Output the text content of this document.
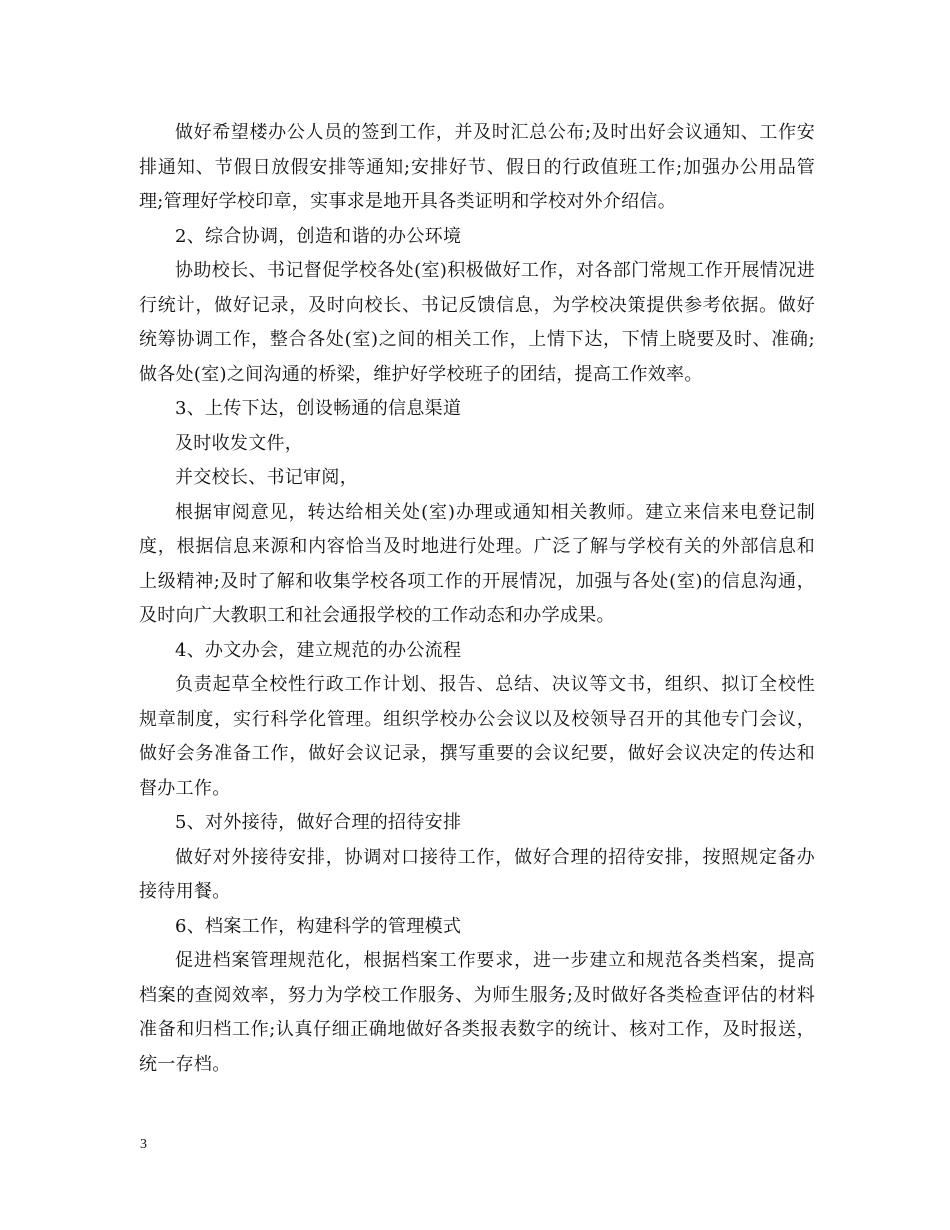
做好希望楼办公人员的签到工作，并及时汇总公布;及时出好会议通知、工作安排通知、节假日放假安排等通知;安排好节、假日的行政值班工作;加强办公用品管理;管理好学校印章，实事求是地开具各类证明和学校对外介绍信。

2、综合协调，创造和谐的办公环境

协助校长、书记督促学校各处(室)积极做好工作，对各部门常规工作开展情况进行统计，做好记录，及时向校长、书记反馈信息，为学校决策提供参考依据。做好统筹协调工作，整合各处(室)之间的相关工作，上情下达，下情上晓要及时、准确;做各处(室)之间沟通的桥梁，维护好学校班子的团结，提高工作效率。

3、上传下达，创设畅通的信息渠道

及时收发文件，

并交校长、书记审阅，

根据审阅意见，转达给相关处(室)办理或通知相关教师。建立来信来电登记制度，根据信息来源和内容恰当及时地进行处理。广泛了解与学校有关的外部信息和上级精神;及时了解和收集学校各项工作的开展情况，加强与各处(室)的信息沟通，及时向广大教职工和社会通报学校的工作动态和办学成果。

4、办文办会，建立规范的办公流程

负责起草全校性行政工作计划、报告、总结、决议等文书，组织、拟订全校性规章制度，实行科学化管理。组织学校办公会议以及校领导召开的其他专门会议，做好会务准备工作，做好会议记录，撰写重要的会议纪要，做好会议决定的传达和督办工作。

5、对外接待，做好合理的招待安排

做好对外接待安排，协调对口接待工作，做好合理的招待安排，按照规定备办接待用餐。

6、档案工作，构建科学的管理模式

促进档案管理规范化，根据档案工作要求，进一步建立和规范各类档案，提高档案的查阅效率，努力为学校工作服务、为师生服务;及时做好各类检查评估的材料准备和归档工作;认真仔细正确地做好各类报表数字的统计、核对工作，及时报送，统一存档。

3
